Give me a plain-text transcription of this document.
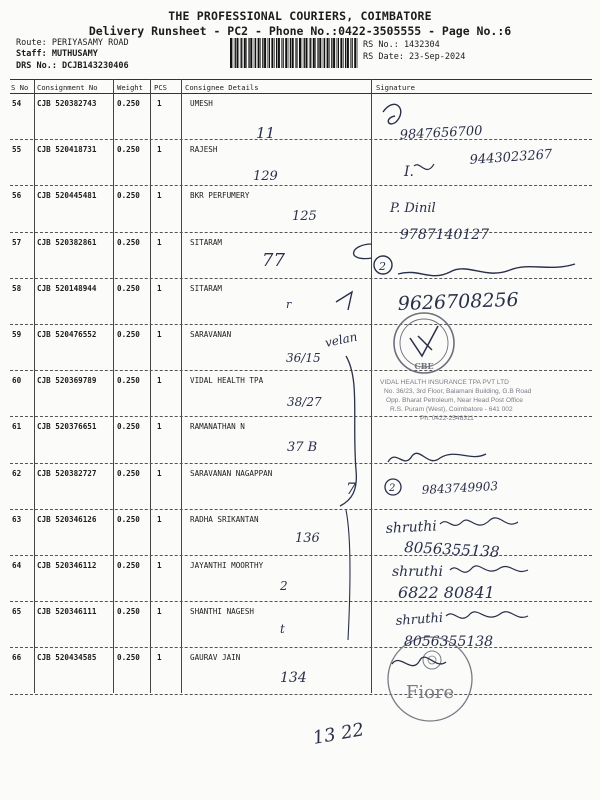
THE PROFESSIONAL COURIERS, COIMBATORE
Delivery Runsheet - PC2 - Phone No.:0422-3505555 - Page No.:6
Route: PERIYASAMY ROAD
Staff: MUTHUSAMY
DRS No.: DCJB143230406
RS No.: 1432304
RS Date: 23-Sep-2024
S No Consignment No	Weight PCS	Consignee Details	Signature
54 CJB 520382743	0.250 1	UMESH
55 CJB 520418731	0.250 1	RAJESH
56 CJB 520445481	0.250 1	BKR PERFUMERY
57 CJB 520382861	0.250 1	SITARAM
58 CJB 520148944	0.250 1	SITARAM
59 CJB 520476552	0.250 1	SARAVANAN
60 CJB 520369789	0.250 1	VIDAL HEALTH TPA
61 CJB 520376651	0.250 1	RAMANATHAN N
62 CJB 520382727	0.250 1	SARAVANAN NAGAPPAN
63 CJB 520346126	0.250 1	RADHA SRIKANTAN
64 CJB 520346112	0.250 1	JAYANTHI MOORTHY
65 CJB 520346111	0.250 1	SHANTHI NAGESH
66 CJB 520434585	0.250 1	GAURAV JAIN
CBE
VIDAL HEALTH INSURANCE TPA PVT LTD
No. 36/23, 3rd Floor, Balamani Building, G.B Road
Opp. Bharat Petroleum, Near Head Post Office
R.S. Puram (West), Coimbatore - 641 002
Ph: 0422-2548311
Fiore
11	9847656700
129	I.
9443023267
125
P. Dinil
9787140127
77	2
r	9626708256
36/15
velan
38/27
37 B
7	2 9843749903
136
shruthi
8056355138
2
shruthi
6822 80841
t
shruthi
8056355138
134
13 22
